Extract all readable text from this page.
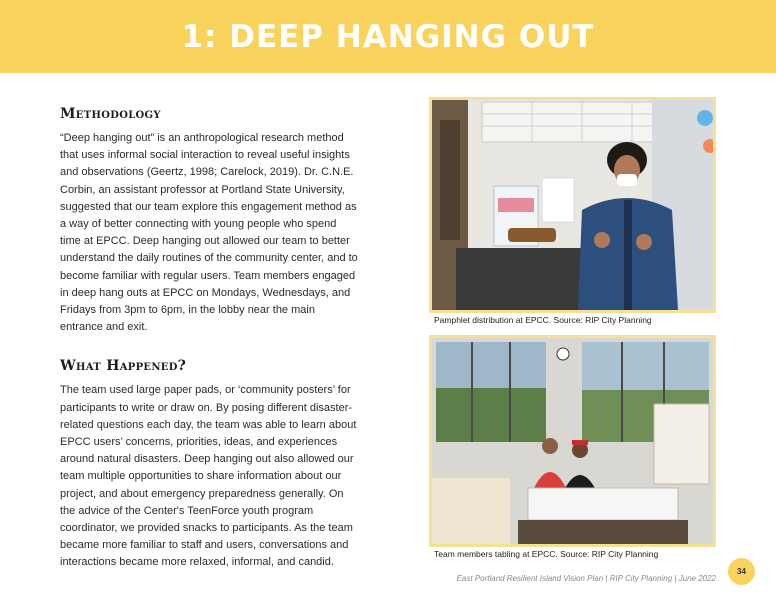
1: DEEP HANGING OUT
Methodology

“Deep hanging out” is an anthropological research method that uses informal social interaction to reveal useful insights and observations (Geertz, 1998; Carelock, 2019). Dr. C.N.E. Corbin, an assistant professor at Portland State University, suggested that our team explore this engagement method as a way of better connecting with young people who spend time at EPCC. Deep hanging out allowed our team to better understand the daily routines of the community center, and to become familiar with regular users. Team members engaged in deep hang outs at EPCC on Mondays, Wednesdays, and Fridays from 3pm to 6pm, in the lobby near the main entrance and exit.

What Happened?

The team used large paper pads, or ‘community posters’ for participants to write or draw on. By posing different disaster-related questions each day, the team was able to learn about EPCC users’ concerns, priorities, ideas, and experiences around natural disasters. Deep hanging out also allowed our team multiple opportunities to share information about our project, and about emergency preparedness generally. On the advice of the Center's TeenForce youth program coordinator, we provided snacks to participants. As the team became more familiar to staff and users, conversations and interactions became more relaxed, informal, and candid.

Pamphlet distribution at EPCC. Source: RIP City Planning
Team members tabling at EPCC. Source: RIP City Planning
East Portland Resilient Island Vision Plan | RIP City Planning | June 2022
34
